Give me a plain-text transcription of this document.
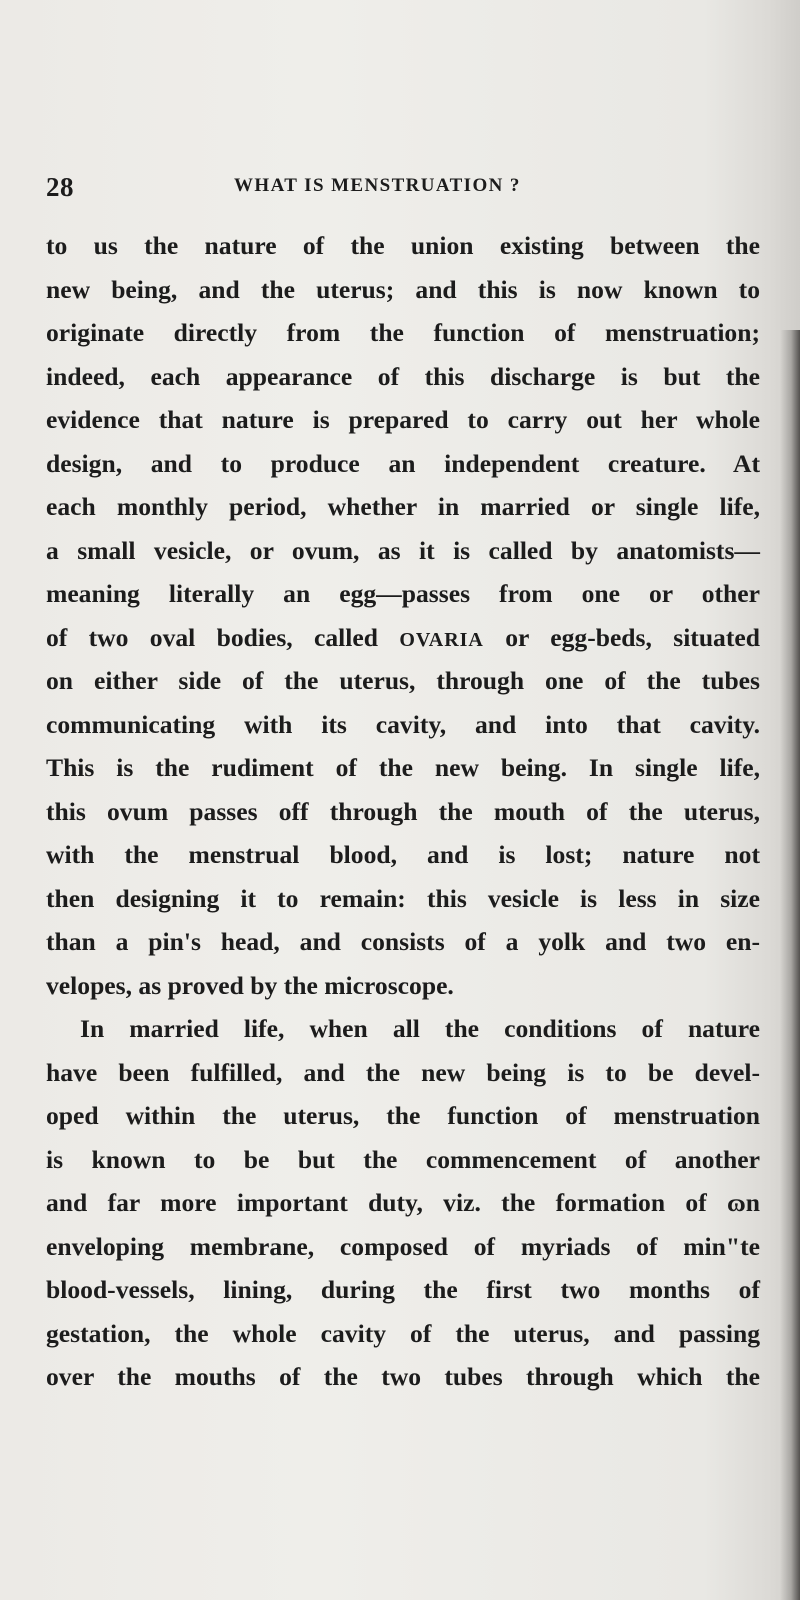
28	WHAT IS MENSTRUATION ?
to us the nature of the union existing between the
new being, and the uterus; and this is now known to
originate directly from the function of menstruation;
indeed, each appearance of this discharge is but the
evidence that nature is prepared to carry out her whole
design, and to produce an independent creature. At
each monthly period, whether in married or single life,
a small vesicle, or ovum, as it is called by anatomists—
meaning literally an egg—passes from one or other
of two oval bodies, called OVARIA or egg-beds, situated
on either side of the uterus, through one of the tubes
communicating with its cavity, and into that cavity.
This is the rudiment of the new being. In single life,
this ovum passes off through the mouth of the uterus,
with the menstrual blood, and is lost; nature not
then designing it to remain: this vesicle is less in size
than a pin's head, and consists of a yolk and two en-
velopes, as proved by the microscope.
In married life, when all the conditions of nature
have been fulfilled, and the new being is to be devel-
oped within the uterus, the function of menstruation
is known to be but the commencement of another
and far more important duty, viz. the formation of ɷn
enveloping membrane, composed of myriads of min"te
blood-vessels, lining, during the first two months of
gestation, the whole cavity of the uterus, and passing
over the mouths of the two tubes through which the
